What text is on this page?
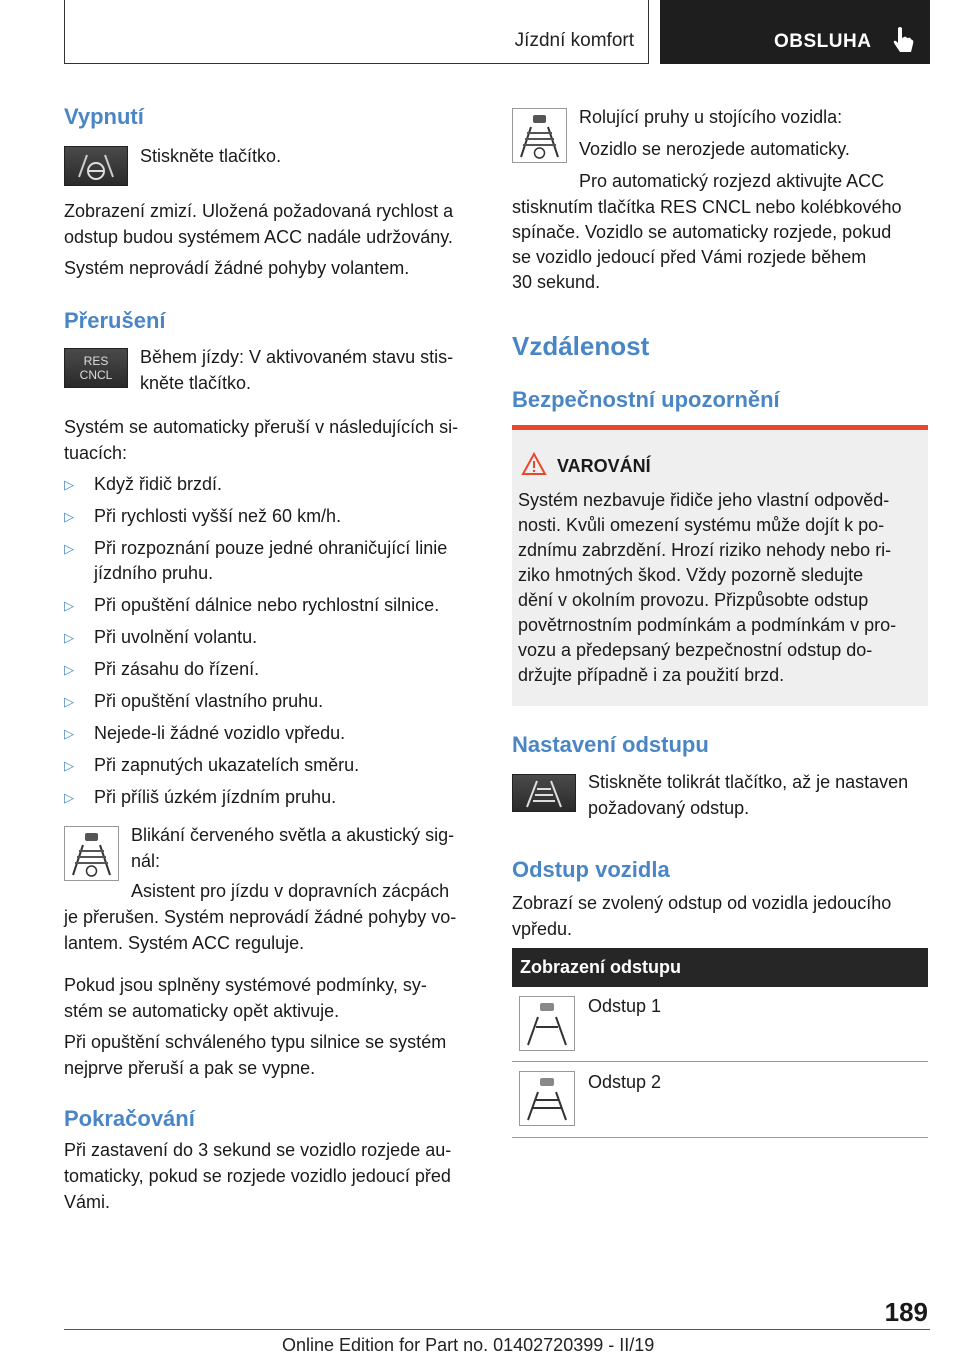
Jízdní komfort	OBSLUHA
Vypnutí
Stiskněte tlačítko.
Zobrazení zmizí. Uložená požadovaná rychlost a
odstup budou systémem ACC nadále udržovány.
Systém neprovádí žádné pohyby volantem.
Přerušení
RES
CNCL
Během jízdy: V aktivovaném stavu stis-
kněte tlačítko.
Systém se automaticky přeruší v následujících si-
tuacích:
▷ Když řidič brzdí.
▷ Při rychlosti vyšší než 60 km/h.
▷ Při rozpoznání pouze jedné ohraničující linie
jízdního pruhu.
▷ Při opuštění dálnice nebo rychlostní silnice.
▷ Při uvolnění volantu.
▷ Při zásahu do řízení.
▷ Při opuštění vlastního pruhu.
▷ Nejede-li žádné vozidlo vpředu.
▷ Při zapnutých ukazatelích směru.
▷ Při příliš úzkém jízdním pruhu.
Blikání červeného světla a akustický sig-
nál:
Asistent pro jízdu v dopravních zácpách
je přerušen. Systém neprovádí žádné pohyby vo-
lantem. Systém ACC reguluje.
Pokud jsou splněny systémové podmínky, sy-
stém se automaticky opět aktivuje.
Při opuštění schváleného typu silnice se systém
nejprve přeruší a pak se vypne.
Pokračování
Při zastavení do 3 sekund se vozidlo rozjede au-
tomaticky, pokud se rozjede vozidlo jedoucí před
Vámi.
Rolující pruhy u stojícího vozidla:
Vozidlo se nerozjede automaticky.
Pro automatický rozjezd aktivujte ACC
stisknutím tlačítka RES CNCL nebo kolébkového
spínače. Vozidlo se automaticky rozjede, pokud
se vozidlo jedoucí před Vámi rozjede během
30 sekund.
Vzdálenost
Bezpečnostní upozornění
VAROVÁNÍ
Systém nezbavuje řidiče jeho vlastní odpověd-
nosti. Kvůli omezení systému může dojít k po-
zdnímu zabrzdění. Hrozí riziko nehody nebo ri-
ziko hmotných škod. Vždy pozorně sledujte
dění v okolním provozu. Přizpůsobte odstup
povětrnostním podmínkám a podmínkám v pro-
vozu a předepsaný bezpečnostní odstup do-
držujte případně i za použití brzd.
Nastavení odstupu
Stiskněte tolikrát tlačítko, až je nastaven
požadovaný odstup.
Odstup vozidla
Zobrazí se zvolený odstup od vozidla jedoucího
vpředu.
Zobrazení odstupu
Odstup 1
Odstup 2
189
Online Edition for Part no. 01402720399 - II/19
